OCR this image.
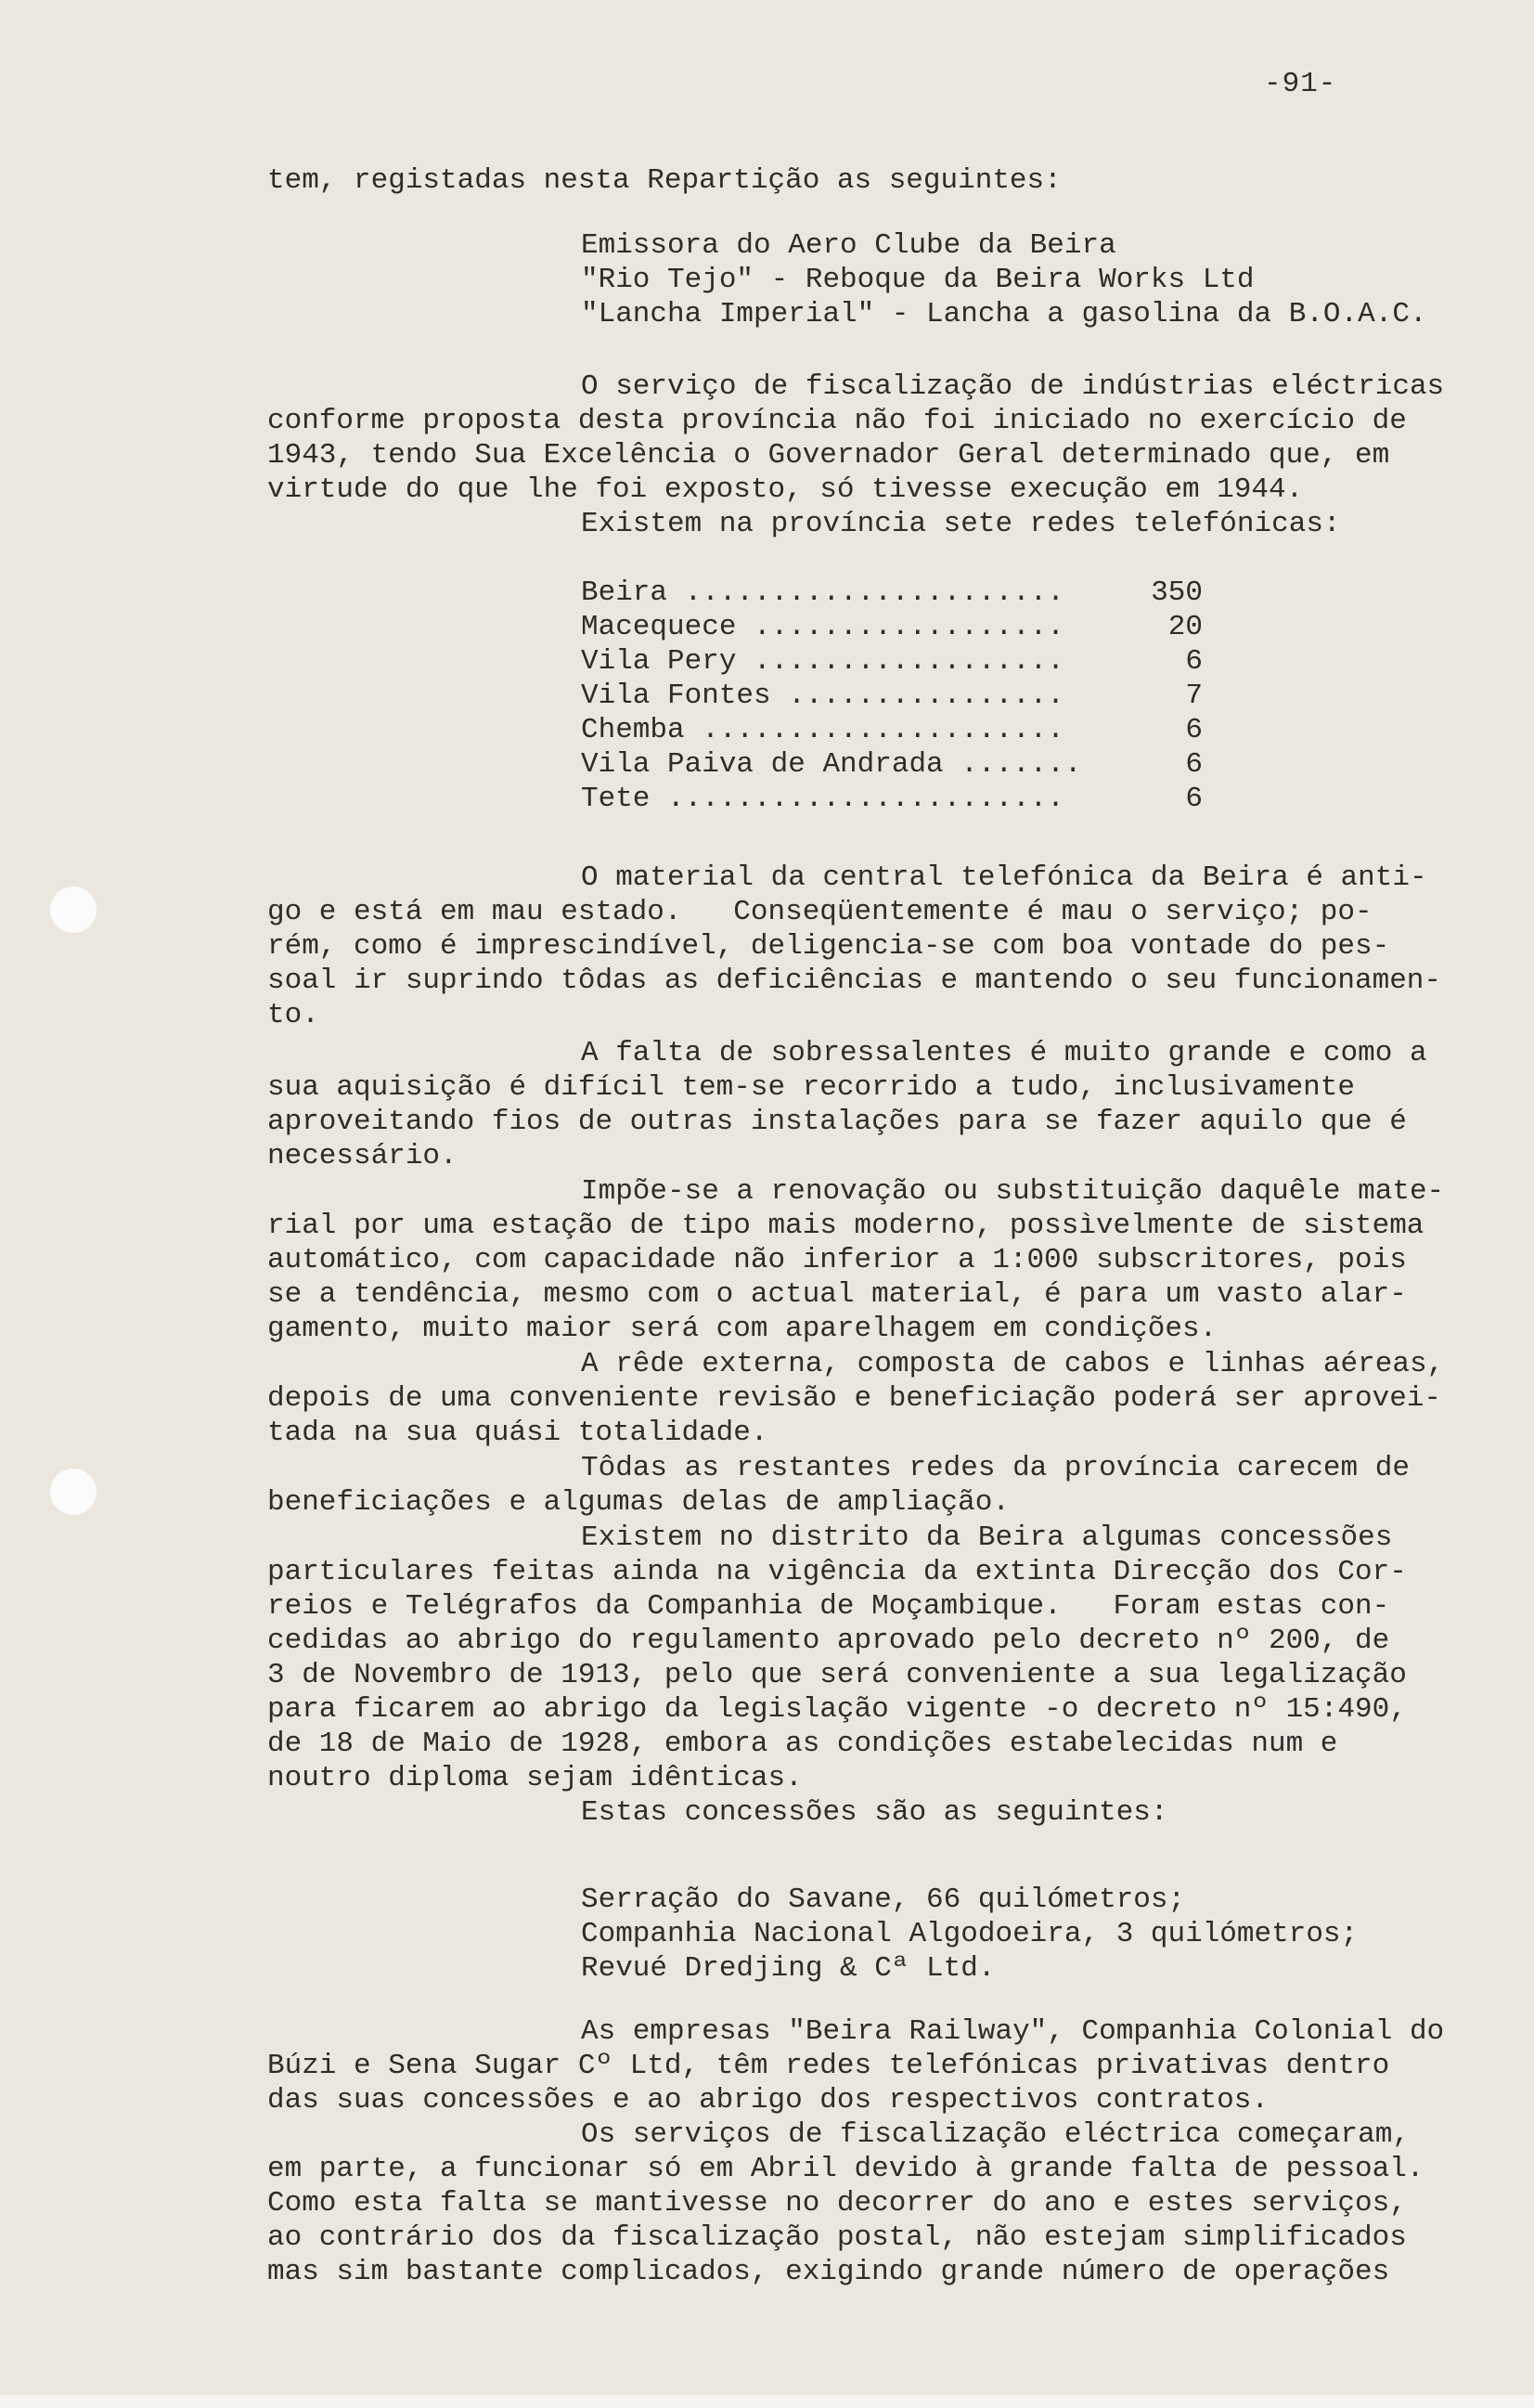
-91-
tem, registadas nesta Repartição as seguintes:
Emissora do Aero Clube da Beira
"Rio Tejo" - Reboque da Beira Works Ltd
"Lancha Imperial" - Lancha a gasolina da B.O.A.C.
O serviço de fiscalização de indústrias eléctricas
conforme proposta desta província não foi iniciado no exercício de
1943, tendo Sua Excelência o Governador Geral determinado que, em
virtude do que lhe foi exposto, só tivesse execução em 1944.
Existem na província sete redes telefónicas:
Beira ......................	350
Macequece ..................	20
Vila Pery ..................	6
Vila Fontes ................	7
Chemba .....................	6
Vila Paiva de Andrada .......	6
Tete .......................	6
O material da central telefónica da Beira é anti-
go e está em mau estado.   Conseqüentemente é mau o serviço; po-
rém, como é imprescindível, deligencia-se com boa vontade do pes-
soal ir suprindo tôdas as deficiências e mantendo o seu funcionamen-
to.
A falta de sobressalentes é muito grande e como a
sua aquisição é difícil tem-se recorrido a tudo, inclusivamente
aproveitando fios de outras instalações para se fazer aquilo que é
necessário.
Impõe-se a renovação ou substituição daquêle mate-
rial por uma estação de tipo mais moderno, possìvelmente de sistema
automático, com capacidade não inferior a 1:000 subscritores, pois
se a tendência, mesmo com o actual material, é para um vasto alar-
gamento, muito maior será com aparelhagem em condições.
A rêde externa, composta de cabos e linhas aéreas,
depois de uma conveniente revisão e beneficiação poderá ser aprovei-
tada na sua quási totalidade.
Tôdas as restantes redes da província carecem de
beneficiações e algumas delas de ampliação.
Existem no distrito da Beira algumas concessões
particulares feitas ainda na vigência da extinta Direcção dos Cor-
reios e Telégrafos da Companhia de Moçambique.   Foram estas con-
cedidas ao abrigo do regulamento aprovado pelo decreto nº 200, de
3 de Novembro de 1913, pelo que será conveniente a sua legalização
para ficarem ao abrigo da legislação vigente -o decreto nº 15:490,
de 18 de Maio de 1928, embora as condições estabelecidas num e
noutro diploma sejam idênticas.
Estas concessões são as seguintes:
Serração do Savane, 66 quilómetros;
Companhia Nacional Algodoeira, 3 quilómetros;
Revué Dredjing & Cª Ltd.
As empresas "Beira Railway", Companhia Colonial do
Búzi e Sena Sugar Cº Ltd, têm redes telefónicas privativas dentro
das suas concessões e ao abrigo dos respectivos contratos.
Os serviços de fiscalização eléctrica começaram,
em parte, a funcionar só em Abril devido à grande falta de pessoal.
Como esta falta se mantivesse no decorrer do ano e estes serviços,
ao contrário dos da fiscalização postal, não estejam simplificados
mas sim bastante complicados, exigindo grande número de operações
